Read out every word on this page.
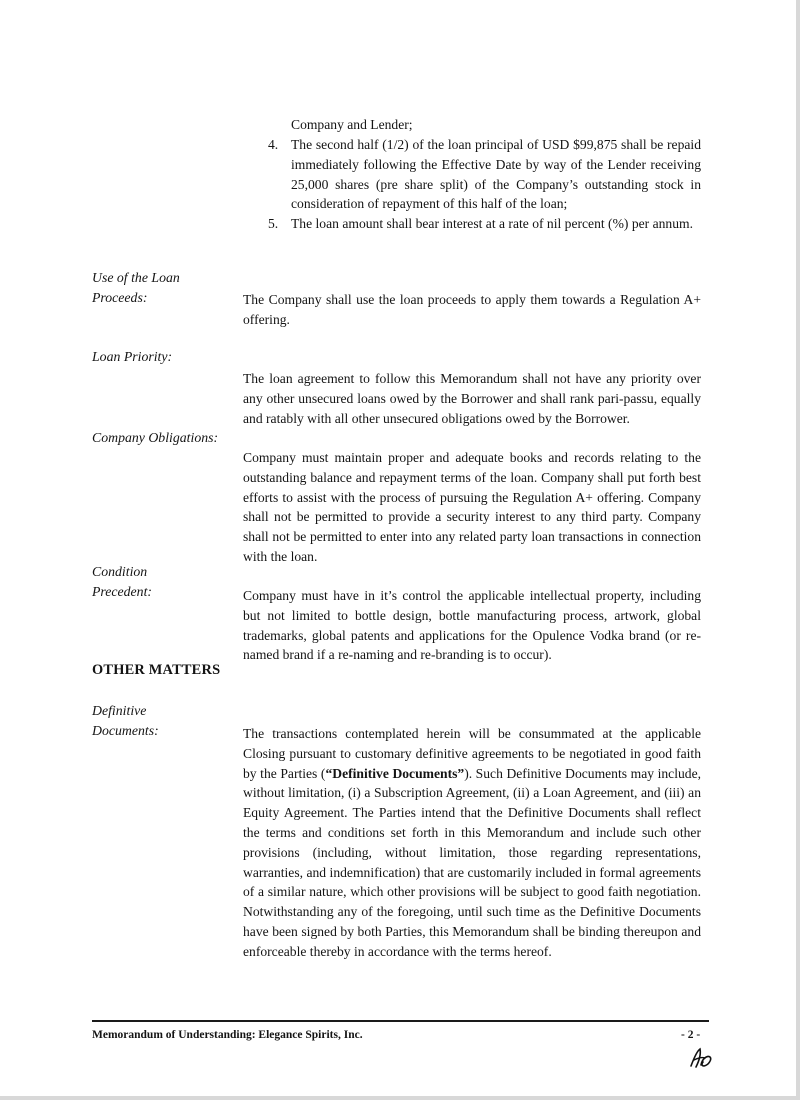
Company and Lender;
4. The second half (1/2) of the loan principal of USD $99,875 shall be repaid immediately following the Effective Date by way of the Lender receiving 25,000 shares (pre share split) of the Company’s outstanding stock in consideration of repayment of this half of the loan;
5. The loan amount shall bear interest at a rate of nil percent (%) per annum.
Use of the Loan
Proceeds:	The Company shall use the loan proceeds to apply them towards a Regulation A+ offering.

Loan Priority:

The loan agreement to follow this Memorandum shall not have any priority over any other unsecured loans owed by the Borrower and shall rank pari-passu, equally and ratably with all other unsecured obligations owed by the Borrower.

Company Obligations:

Company must maintain proper and adequate books and records relating to the outstanding balance and repayment terms of the loan. Company shall put forth best efforts to assist with the process of pursuing the Regulation A+ offering. Company shall not be permitted to provide a security interest to any third party. Company shall not be permitted to enter into any related party loan transactions in connection with the loan.

Condition
Precedent:	Company must have in it’s control the applicable intellectual property, including but not limited to bottle design, bottle manufacturing process, artwork, global trademarks, global patents and applications for the Opulence Vodka brand (or re-named brand if a re-naming and re-branding is to occur).

OTHER MATTERS
Definitive
Documents:	The transactions contemplated herein will be consummated at the applicable Closing pursuant to customary definitive agreements to be negotiated in good faith by the Parties (“Definitive Documents”). Such Definitive Documents may include, without limitation, (i) a Subscription Agreement, (ii) a Loan Agreement, and (iii) an Equity Agreement. The Parties intend that the Definitive Documents shall reflect the terms and conditions set forth in this Memorandum and include such other provisions (including, without limitation, those regarding representations, warranties, and indemnification) that are customarily included in formal agreements of a similar nature, which other provisions will be subject to good faith negotiation. Notwithstanding any of the foregoing, until such time as the Definitive Documents have been signed by both Parties, this Memorandum shall be binding thereupon and enforceable thereby in accordance with the terms hereof.

Memorandum of Understanding: Elegance Spirits, Inc.	- 2 -
